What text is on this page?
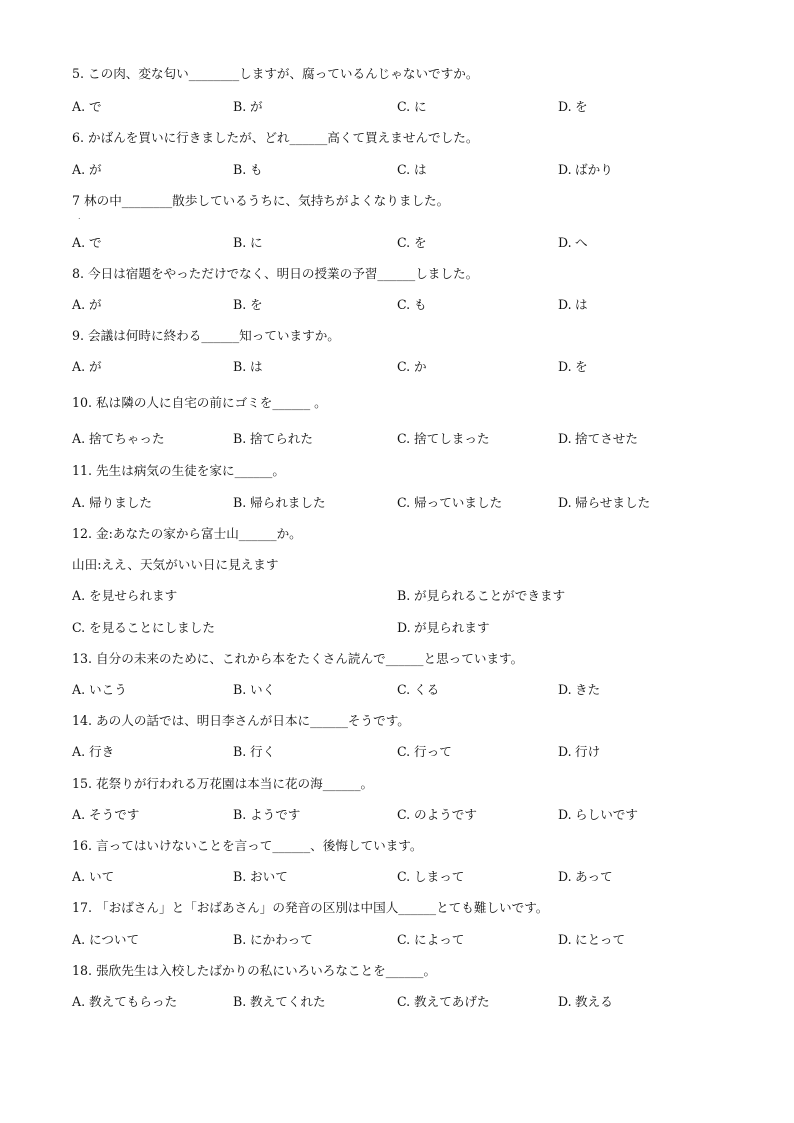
5. この肉、変な匂い________しますが、腐っているんじゃないですか。
A. で	B. が	C. に	D. を
6. かばんを買いに行きましたが、どれ______高くて買えませんでした。
A. が	B. も	C. は	D. ばかり
7 林の中________散歩しているうちに、気持ちがよくなりました。
.
A. で	B. に	C. を	D. へ
8. 今日は宿題をやっただけでなく、明日の授業の予習______しました。
A. が	B. を	C. も	D. は
9. 会議は何時に終わる______知っていますか。
A. が	B. は	C. か	D. を
10. 私は隣の人に自宅の前にゴミを______ 。
A. 捨てちゃった	B. 捨てられた	C. 捨てしまった	D. 捨てさせた
11. 先生は病気の生徒を家に______。
A. 帰りました	B. 帰られました	C. 帰っていました	D. 帰らせました
12. 金:あなたの家から富士山______か。
山田:ええ、天気がいい日に見えます
A. を見せられます	B. が見られることができます
C. を見ることにしました	D. が見られます
13. 自分の未来のために、これから本をたくさん読んで______と思っています。
A. いこう	B. いく	C. くる	D. きた
14. あの人の話では、明日李さんが日本に______そうです。
A. 行き	B. 行く	C. 行って	D. 行け
15. 花祭りが行われる万花園は本当に花の海______。
A. そうです	B. ようです	C. のようです	D. らしいです
16. 言ってはいけないことを言って______、後悔しています。
A. いて	B. おいて	C. しまって	D. あって
17. 「おばさん」と「おばあさん」の発音の区別は中国人______とても難しいです。
A. について	B. にかわって	C. によって	D. にとって
18. 張欣先生は入校したばかりの私にいろいろなことを______。
A. 教えてもらった	B. 教えてくれた	C. 教えてあげた	D. 教える
